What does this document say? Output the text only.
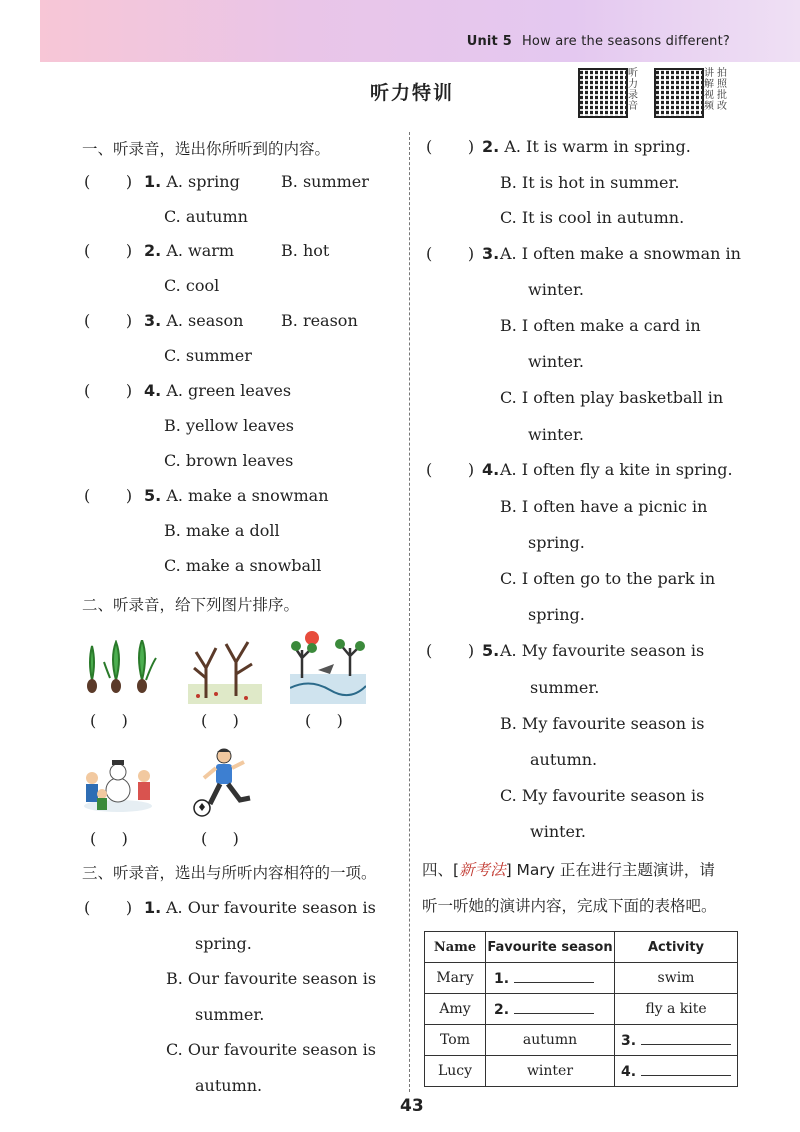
Unit 5 How are the seasons different?
听力特训
听力录音
讲解视频
拍照批改
一、听录音，选出你所听到的内容。
(       ) 1. A. spring	B. summer
C. autumn
(       ) 2. A. warm	B. hot
C. cool
(       ) 3. A. season B. reason
C. summer
(       ) 4. A. green leaves
B. yellow leaves
C. brown leaves
(       ) 5. A. make a snowman
B. make a doll
C. make a snowball
二、听录音，给下列图片排序。
(     )	(     )	(     )
(     )	(     )
三、听录音，选出与所听内容相符的一项。
(       ) 1. A. Our favourite season is
spring.
B. Our favourite season is
summer.
C. Our favourite season is
autumn.
(       ) 2. A. It is warm in spring.
B. It is hot in summer.
C. It is cool in autumn.
(       ) 3. A. I often make a snowman in
winter.
B. I often make a card in
winter.
C. I often play basketball in
winter.
(       ) 4. A. I often fly a kite in spring.
B. I often have a picnic in
spring.
C. I often go to the park in
spring.
(       ) 5. A. My favourite season is
summer.
B. My favourite season is
autumn.
C. My favourite season is
winter.
四、[新考法] Mary 正在进行主题演讲，请
听一听她的演讲内容，完成下面的表格吧。
Name	Favourite season	Activity
Mary	1.	swim
Amy	2.	fly a kite
Tom	autumn	3.
Lucy	winter	4.
43
